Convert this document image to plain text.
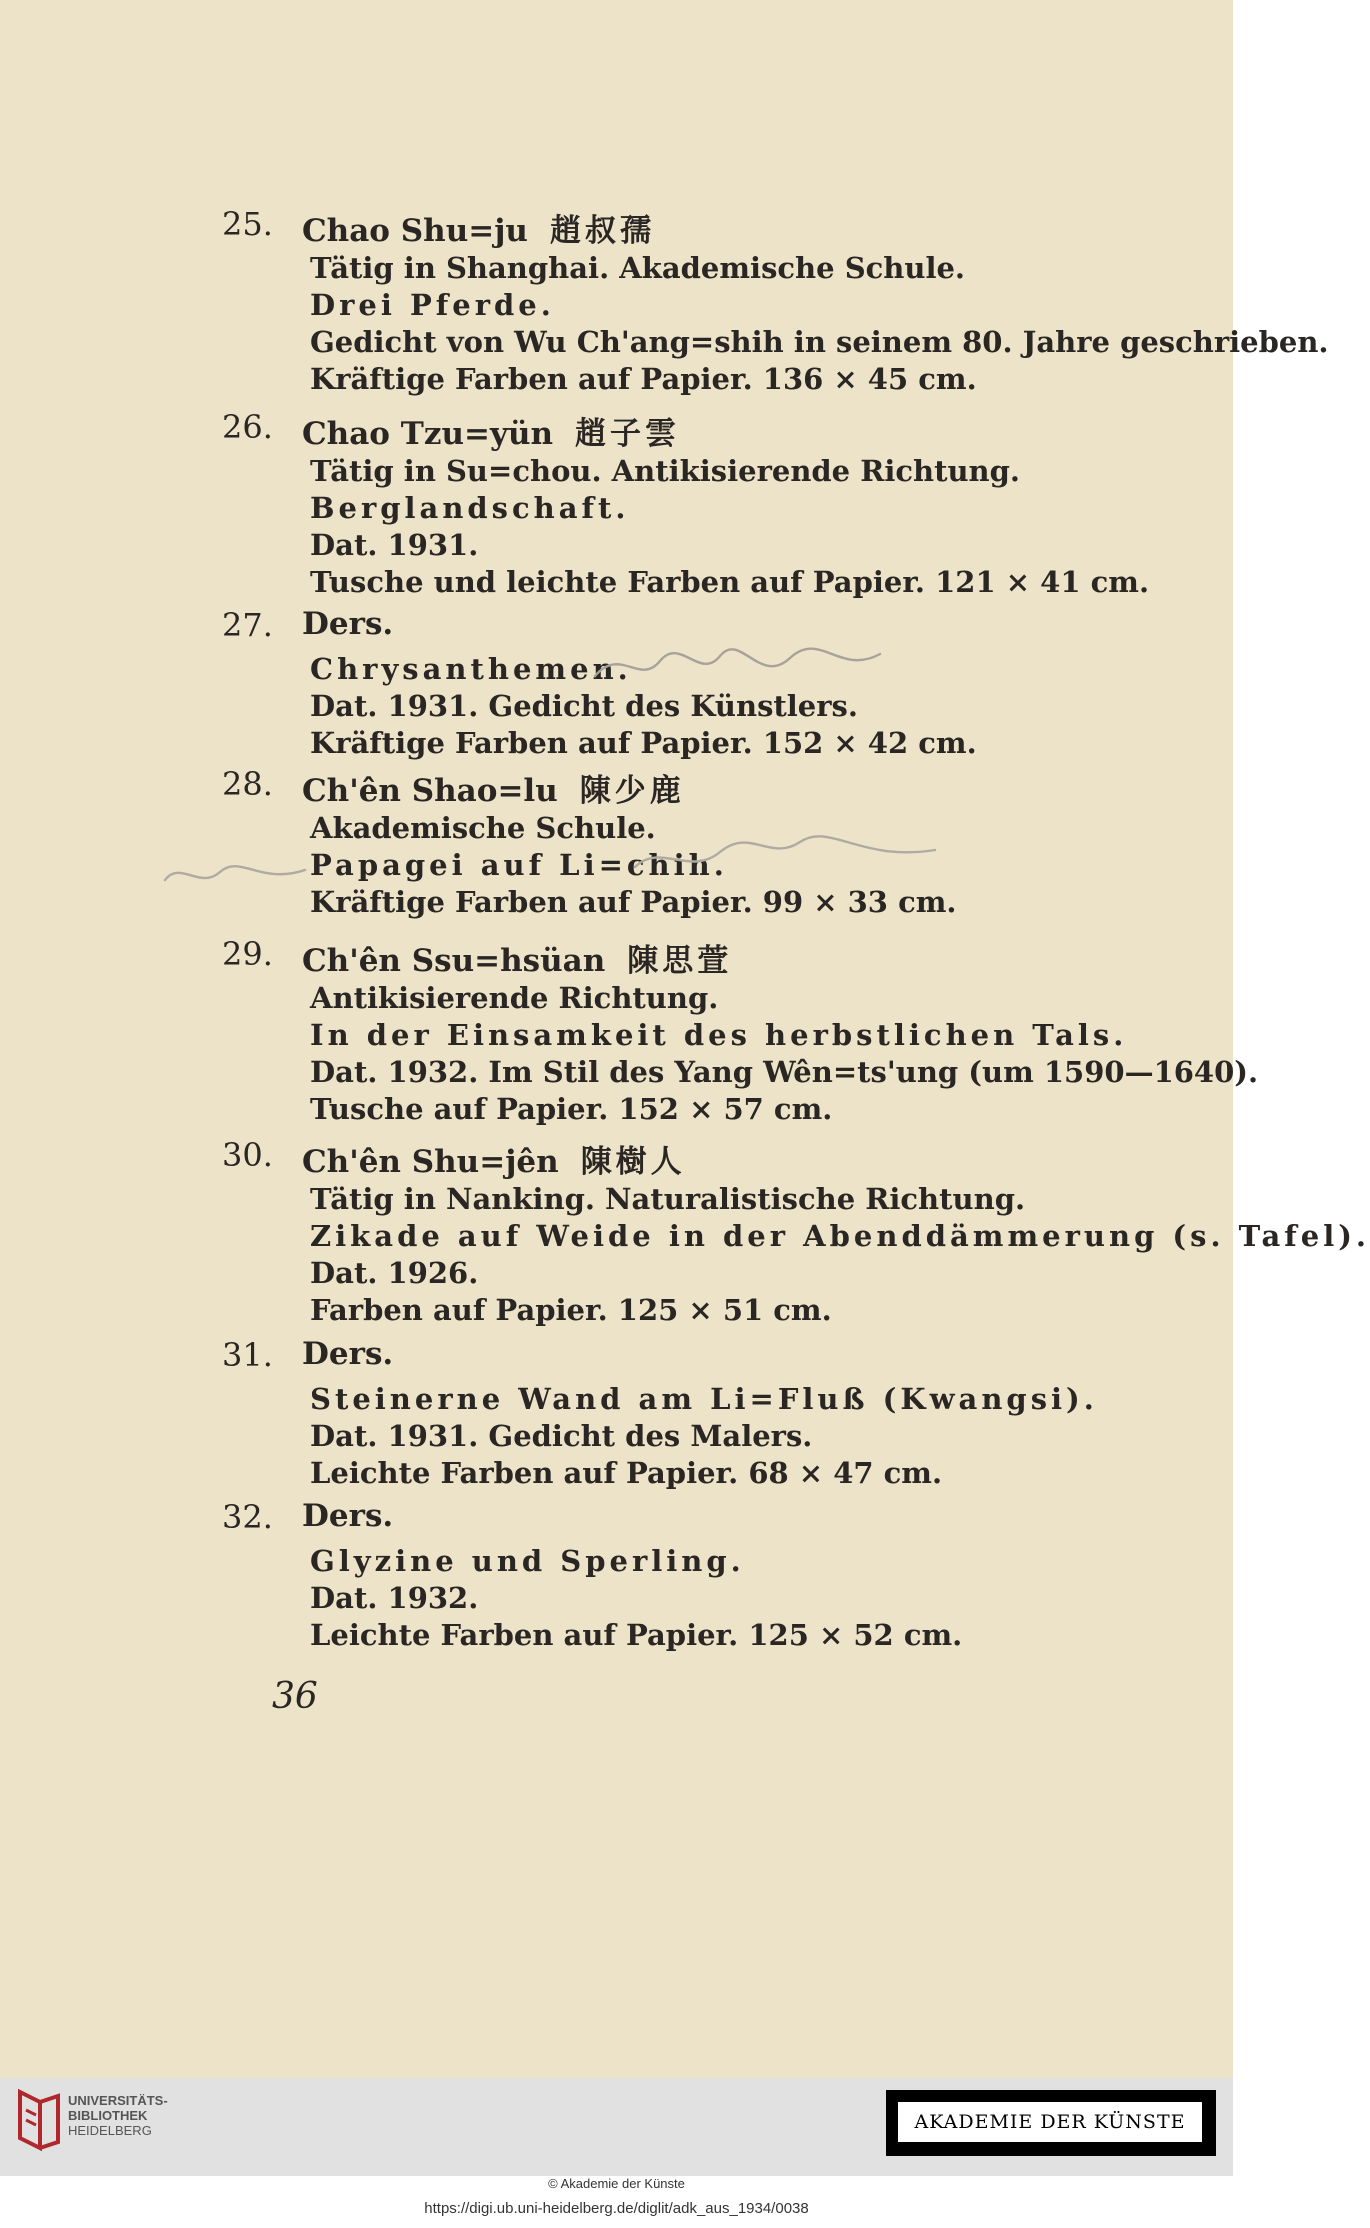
25. Chao Shu=ju 趙叔孺
Tätig in Shanghai. Akademische Schule.
Drei Pferde.
Gedicht von Wu Ch'ang=shih in seinem 80. Jahre geschrieben.
Kräftige Farben auf Papier. 136 × 45 cm.
26. Chao Tzu=yün 趙子雲
Tätig in Su=chou. Antikisierende Richtung.
Berglandschaft.
Dat. 1931.
Tusche und leichte Farben auf Papier. 121 × 41 cm.
27. Ders.
Chrysanthemen.
Dat. 1931. Gedicht des Künstlers.
Kräftige Farben auf Papier. 152 × 42 cm.
28. Ch'ên Shao=lu 陳少鹿
Akademische Schule.
Papagei auf Li=chih.
Kräftige Farben auf Papier. 99 × 33 cm.
29. Ch'ên Ssu=hsüan 陳思萱
Antikisierende Richtung.
In der Einsamkeit des herbstlichen Tals.
Dat. 1932. Im Stil des Yang Wên=ts'ung (um 1590—1640).
Tusche auf Papier. 152 × 57 cm.
30. Ch'ên Shu=jên 陳樹人
Tätig in Nanking. Naturalistische Richtung.
Zikade auf Weide in der Abenddämmerung (s. Tafel).
Dat. 1926.
Farben auf Papier. 125 × 51 cm.
31. Ders.
Steinerne Wand am Li=Fluß (Kwangsi).
Dat. 1931. Gedicht des Malers.
Leichte Farben auf Papier. 68 × 47 cm.
32. Ders.
Glyzine und Sperling.
Dat. 1932.
Leichte Farben auf Papier. 125 × 52 cm.
36
UNIVERSITÄTS-
BIBLIOTHEK
HEIDELBERG	AKADEMIE DER KÜNSTE
© Akademie der Künste
https://digi.ub.uni-heidelberg.de/diglit/adk_aus_1934/0038
